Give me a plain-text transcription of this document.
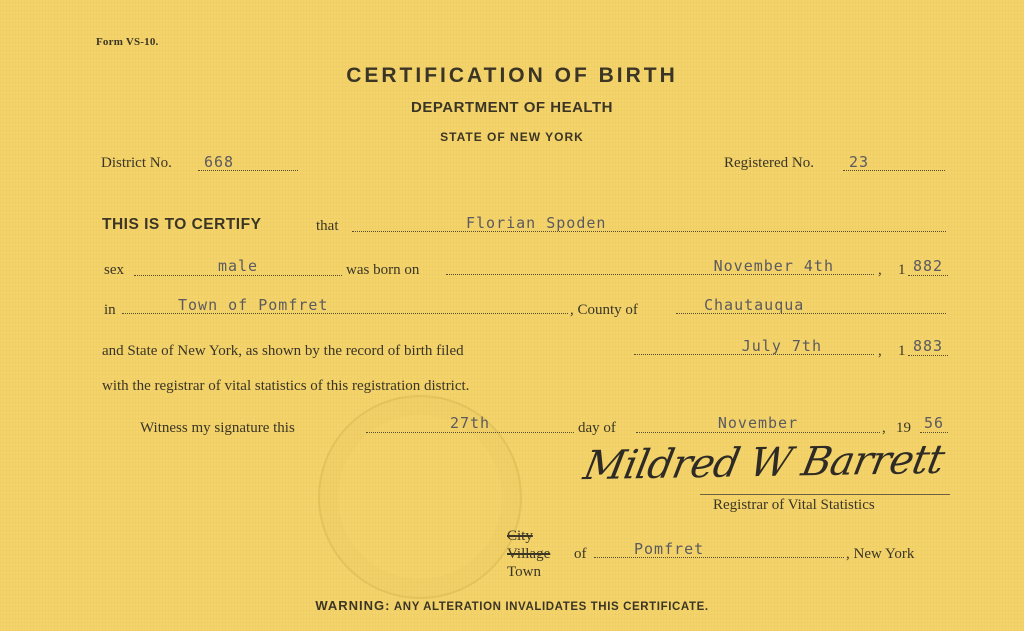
Form VS-10.
CERTIFICATION OF BIRTH
DEPARTMENT OF HEALTH
STATE OF NEW YORK
District No.	668	Registered No.	23
THIS IS TO CERTIFY	that	Florian Spoden
sex	male	was born on	November 4th	, 1 882
in	Town of Pomfret	, County of	Chautauqua
and State of New York, as shown by the record of birth filed	July 7th	, 1 883
with the registrar of vital statistics of this registration district.
Witness my signature this	27th	day of	November	, 19 56
Mildred W Barrett
Registrar of Vital Statistics
City
Village
Town
of	Pomfret	, New York
WARNING: ANY ALTERATION INVALIDATES THIS CERTIFICATE.
